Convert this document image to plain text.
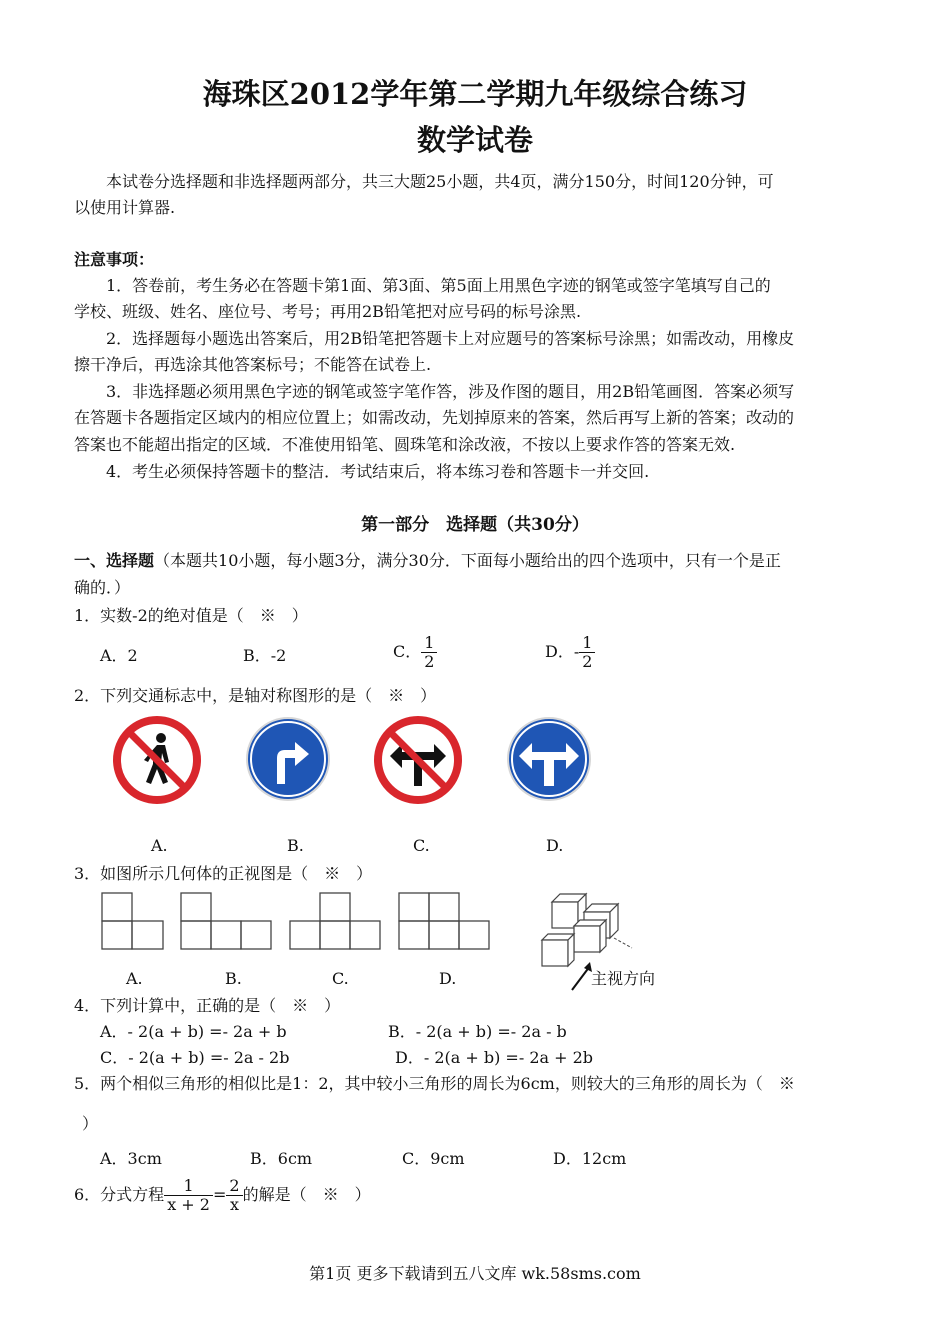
海珠区2012学年第二学期九年级综合练习
数学试卷
本试卷分选择题和非选择题两部分，共三大题25小题，共4页，满分150分，时间120分钟，可
以使用计算器.
注意事项：
1．答卷前，考生务必在答题卡第1面、第3面、第5面上用黑色字迹的钢笔或签字笔填写自己的
学校、班级、姓名、座位号、考号；再用2B铅笔把对应号码的标号涂黑.
2．选择题每小题选出答案后，用2B铅笔把答题卡上对应题号的答案标号涂黑；如需改动，用橡皮
擦干净后，再选涂其他答案标号；不能答在试卷上.
3．非选择题必须用黑色字迹的钢笔或签字笔作答，涉及作图的题目，用2B铅笔画图．答案必须写
在答题卡各题指定区域内的相应位置上；如需改动，先划掉原来的答案，然后再写上新的答案；改动的
答案也不能超出指定的区域．不准使用铅笔、圆珠笔和涂改液，不按以上要求作答的答案无效.
4．考生必须保持答题卡的整洁．考试结束后，将本练习卷和答题卡一并交回.
第一部分　选择题（共30分）
一、选择题（本题共10小题，每小题3分，满分30分．下面每小题给出的四个选项中，只有一个是正
确的．）
1．实数-2的绝对值是（　※　）
A．2	B．-2	C． $\frac{1}{2}$	D．- $\frac{1}{2}$
2．下列交通标志中，是轴对称图形的是（　※　）
A.	B.	C.	D.
3．如图所示几何体的正视图是（　※　）
A.	B.	C.	D.	主视方向
4．下列计算中，正确的是（　※　）
A．- 2(a + b) =- 2a + b	B．- 2(a + b) =- 2a - b
C．- 2(a + b) =- 2a - 2b	D．- 2(a + b) =- 2a + 2b
5．两个相似三角形的相似比是1：2，其中较小三角形的周长为6cm，则较大的三角形的周长为（　※
）
A．3cm	B．6cm	C．9cm	D．12cm
6．分式方程 $\frac{1}{x + 2} = \frac{2}{x}$ 的解是（　※　）
第1页 更多下载请到五八文库 wk.58sms.com
